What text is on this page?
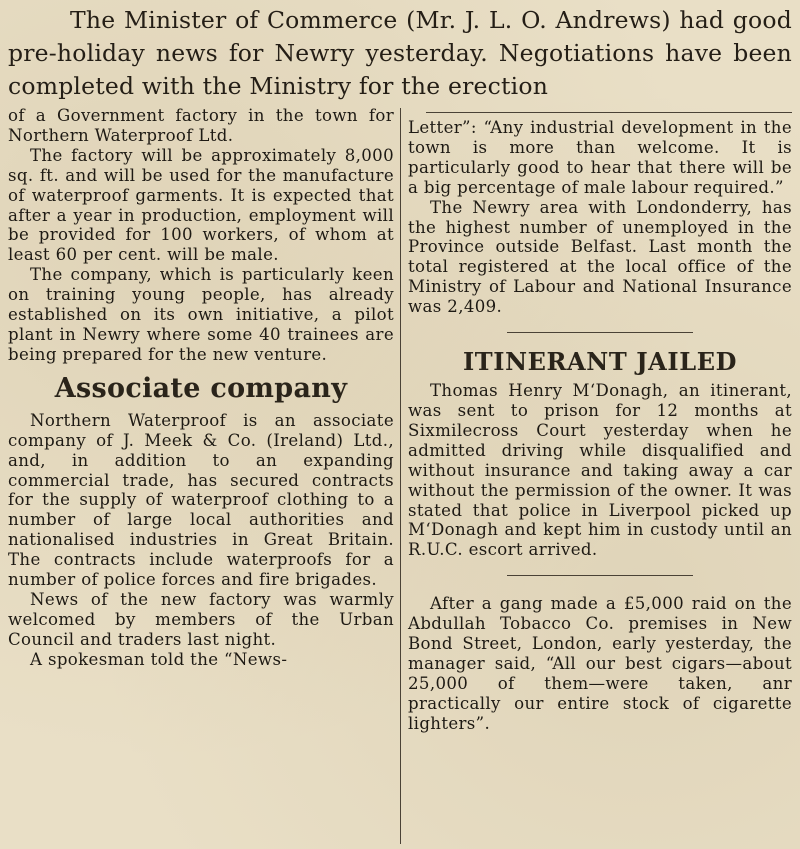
The Minister of Commerce (Mr. J. L. O. Andrews) had good pre-holiday news for Newry yesterday. Negotiations have been completed with the Ministry for the erection

of a Government factory in the town for Northern Waterproof Ltd.

The factory will be approximately 8,000 sq. ft. and will be used for the manufacture of waterproof garments. It is expected that after a year in production, employment will be provided for 100 workers, of whom at least 60 per cent. will be male.

The company, which is particularly keen on training young people, has already established on its own initiative, a pilot plant in Newry where some 40 trainees are being prepared for the new venture.

Associate company

Northern Waterproof is an associate company of J. Meek & Co. (Ireland) Ltd., and, in addition to an expanding commercial trade, has secured contracts for the supply of waterproof clothing to a number of large local authorities and nationalised industries in Great Britain. The contracts include waterproofs for a number of police forces and fire brigades.

News of the new factory was warmly welcomed by members of the Urban Council and traders last night.

A spokesman told the “News-

Letter”: “Any industrial development in the town is more than welcome. It is particularly good to hear that there will be a big percentage of male labour required.”

The Newry area with Londonderry, has the highest number of unemployed in the Province outside Belfast. Last month the total registered at the local office of the Ministry of Labour and National Insurance was 2,409.

ITINERANT JAILED

Thomas Henry M‘Donagh, an itinerant, was sent to prison for 12 months at Sixmilecross Court yesterday when he admitted driving while disqualified and without insurance and taking away a car without the permission of the owner. It was stated that police in Liverpool picked up M‘Donagh and kept him in custody until an R.U.C. escort arrived.

After a gang made a £5,000 raid on the Abdullah Tobacco Co. premises in New Bond Street, London, early yesterday, the manager said, “All our best cigars—about 25,000 of them—were taken, anr practically our entire stock of cigarette lighters”.
